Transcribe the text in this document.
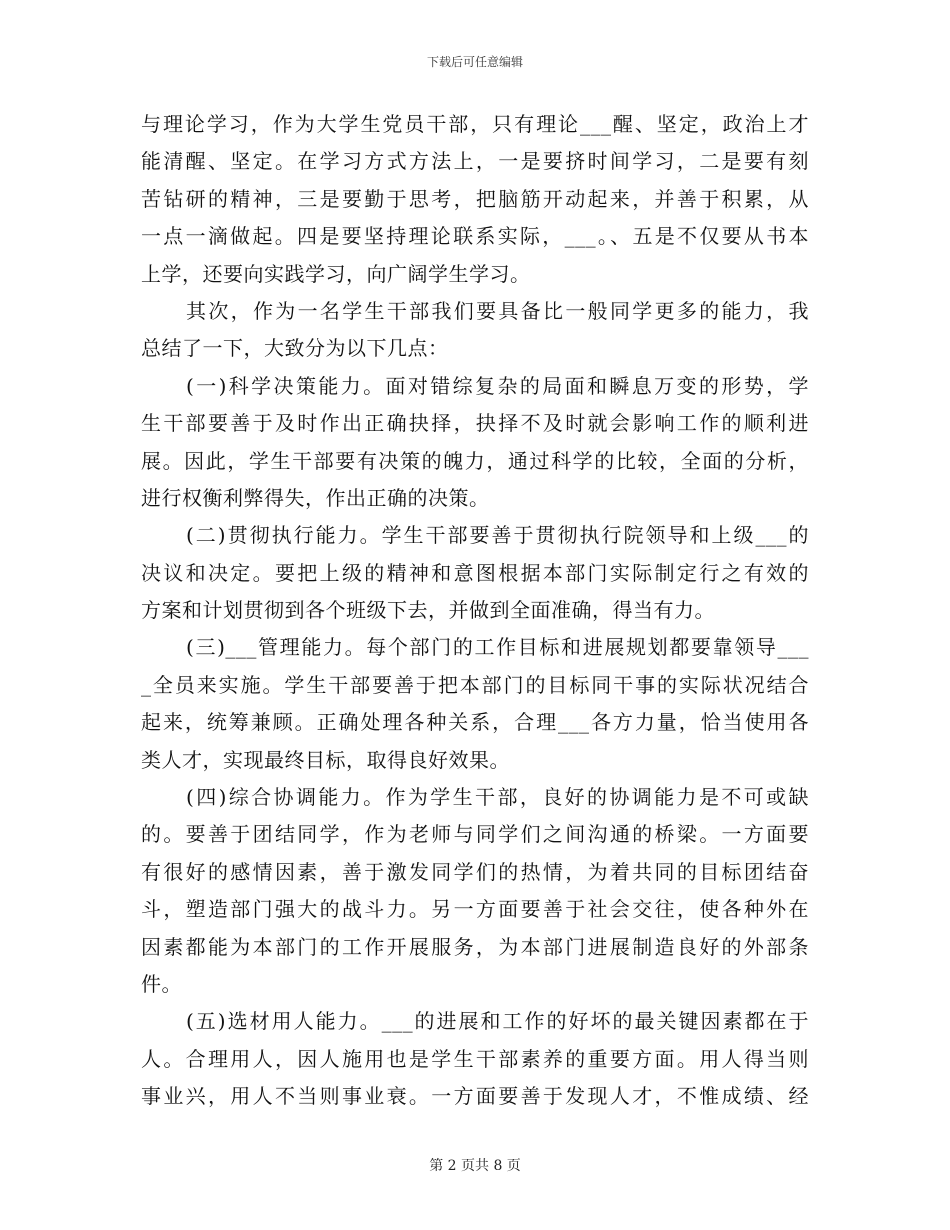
下载后可任意编辑
与理论学习，作为大学生党员干部，只有理论___醒、坚定，政治上才
能清醒、坚定。在学习方式方法上，一是要挤时间学习，二是要有刻
苦钻研的精神，三是要勤于思考，把脑筋开动起来，并善于积累，从
一点一滴做起。四是要坚持理论联系实际，___。、五是不仅要从书本
上学，还要向实践学习，向广阔学生学习。
其次，作为一名学生干部我们要具备比一般同学更多的能力，我
总结了一下，大致分为以下几点：
(一)科学决策能力。面对错综复杂的局面和瞬息万变的形势，学
生干部要善于及时作出正确抉择，抉择不及时就会影响工作的顺利进
展。因此，学生干部要有决策的魄力，通过科学的比较，全面的分析，
进行权衡利弊得失，作出正确的决策。
(二)贯彻执行能力。学生干部要善于贯彻执行院领导和上级___的
决议和决定。要把上级的精神和意图根据本部门实际制定行之有效的
方案和计划贯彻到各个班级下去，并做到全面准确，得当有力。
(三)___管理能力。每个部门的工作目标和进展规划都要靠领导___
_全员来实施。学生干部要善于把本部门的目标同干事的实际状况结合
起来，统筹兼顾。正确处理各种关系，合理___各方力量，恰当使用各
类人才，实现最终目标，取得良好效果。
(四)综合协调能力。作为学生干部，良好的协调能力是不可或缺
的。要善于团结同学，作为老师与同学们之间沟通的桥梁。一方面要
有很好的感情因素，善于激发同学们的热情，为着共同的目标团结奋
斗，塑造部门强大的战斗力。另一方面要善于社会交往，使各种外在
因素都能为本部门的工作开展服务，为本部门进展制造良好的外部条
件。
(五)选材用人能力。___的进展和工作的好坏的最关键因素都在于
人。合理用人，因人施用也是学生干部素养的重要方面。用人得当则
事业兴，用人不当则事业衰。一方面要善于发现人才，不惟成绩、经
第 2 页共 8 页
